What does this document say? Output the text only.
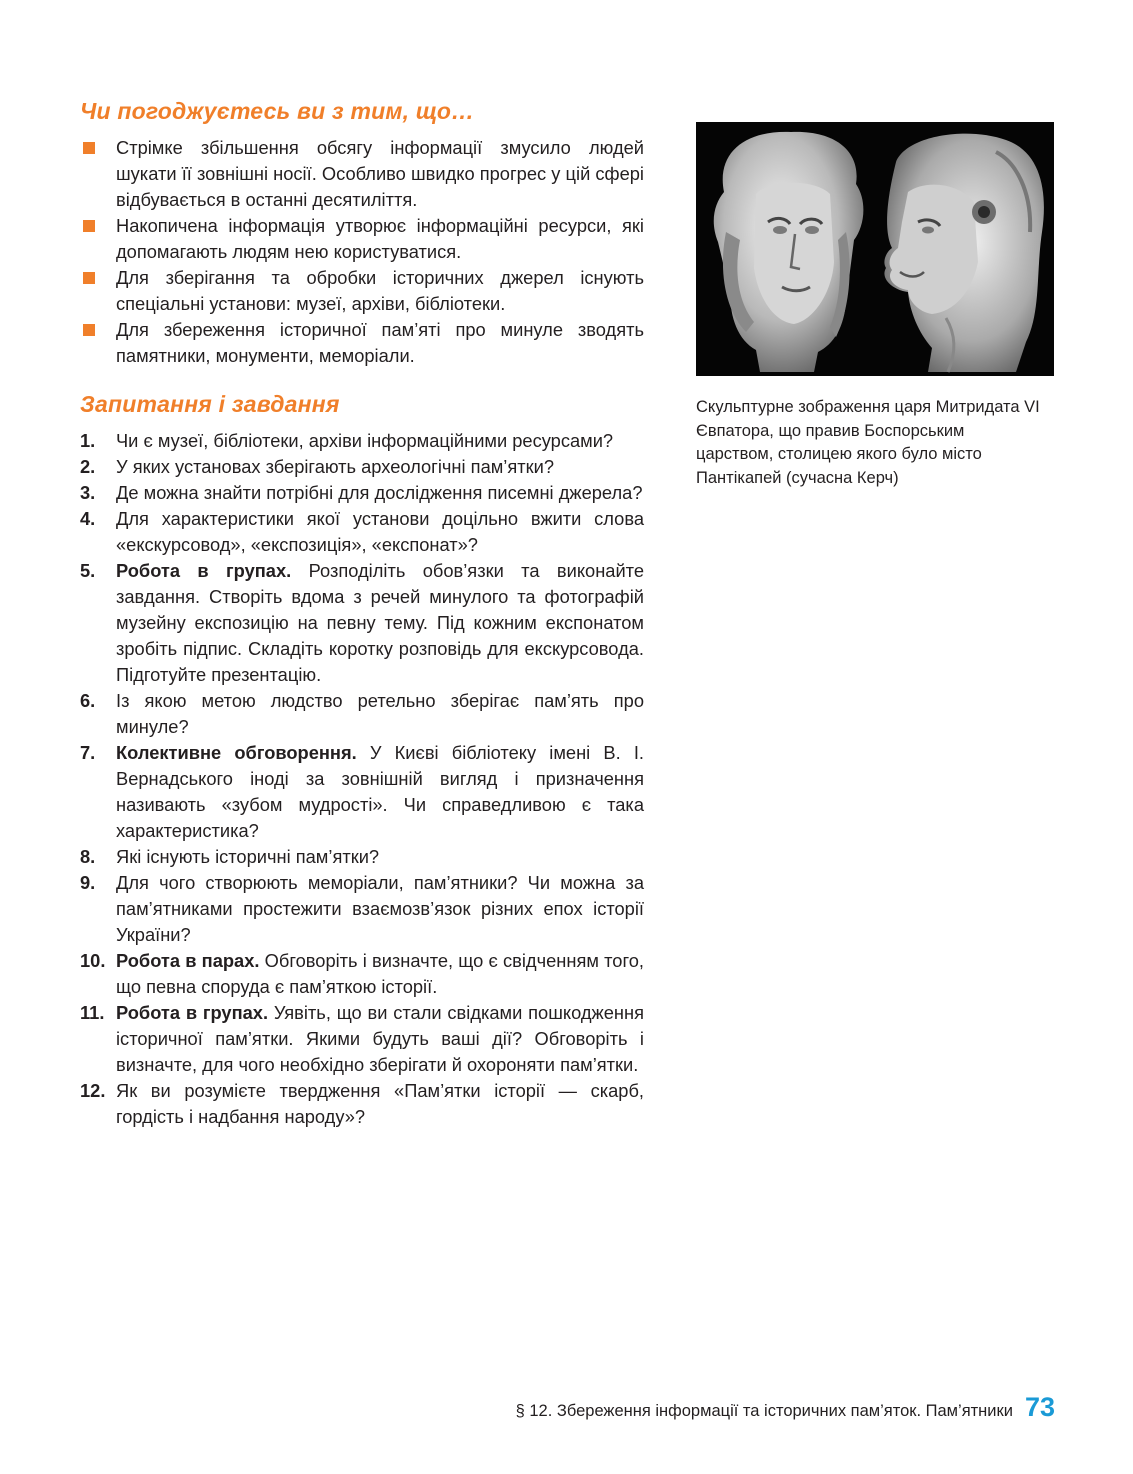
Чи погоджуєтесь ви з тим, що…
Стрімке збільшення обсягу інформації змусило людей шукати її зовнішні носії. Особливо швидко прогрес у цій сфері відбувається в останні десятиліття.
Накопичена інформація утворює інформаційні ресурси, які допомагають людям нею користуватися.
Для зберігання та обробки історичних джерел існують спеціальні установи: музеї, архіви, бібліотеки.
Для збереження історичної пам’яті про минуле зводять памятники, монументи, меморіали.
Запитання і завдання
1. Чи є музеї, бібліотеки, архіви інформаційними ресурсами?
2. У яких установах зберігають археологічні пам’ятки?
3. Де можна знайти потрібні для дослідження писемні джерела?
4. Для характеристики якої установи доцільно вжити слова «екскурсовод», «експозиція», «експонат»?
5. Робота в групах. Розподіліть обов’язки та виконайте завдання. Створіть вдома з речей минулого та фотографій музейну експозицію на певну тему. Під кожним експонатом зробіть підпис. Складіть коротку розповідь для екскурсовода. Підготуйте презентацію.
6. Із якою метою людство ретельно зберігає пам’ять про минуле?
7. Колективне обговорення. У Києві бібліотеку імені В. І. Вернадського іноді за зовнішній вигляд і призначення називають «зубом мудрості». Чи справедливою є така характеристика?
8. Які існують історичні пам’ятки?
9. Для чого створюють меморіали, пам’ятники? Чи можна за пам’ятниками простежити взаємозв’язок різних епох історії України?
10. Робота в парах. Обговоріть і визначте, що є свідченням того, що певна споруда є пам’яткою історії.
11. Робота в групах. Уявіть, що ви стали свідками пошкодження історичної пам’ятки. Якими будуть ваші дії? Обговоріть і визначте, для чого необхідно зберігати й охороняти пам’ятки.
12. Як ви розумієте твердження «Пам’ятки історії — скарб, гордість і надбання народу»?
Скульптурне зображення царя Митридата VI Євпатора, що правив Боспорським царством, столицею якого було місто Пантікапей (сучасна Керч)
§ 12. Збереження інформації та історичних пам’яток. Пам’ятники 73
